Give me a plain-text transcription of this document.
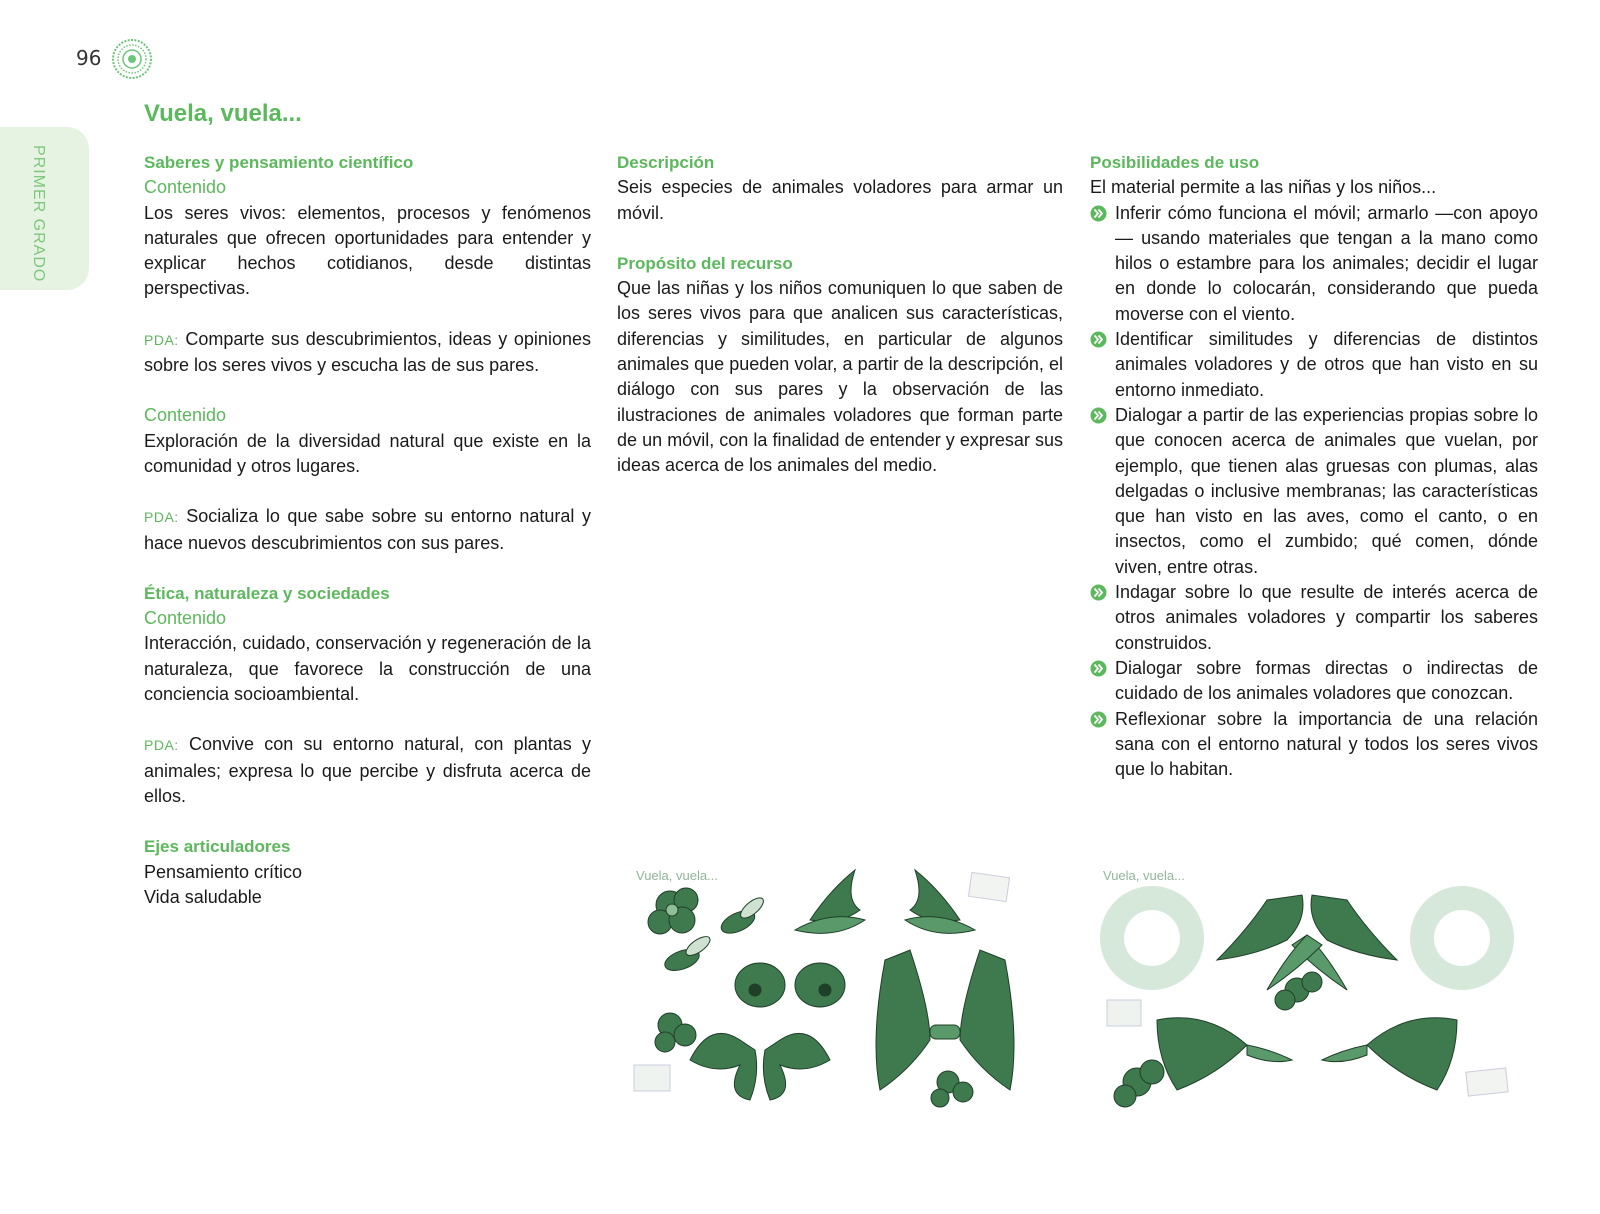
96
PRIMER GRADO
Vuela, vuela...

Saberes y pensamiento científico

Contenido

Los seres vivos: elementos, procesos y fenómenos naturales que ofrecen oportunidades para entender y explicar hechos cotidianos, desde distintas perspectivas.

PDA: Comparte sus descubrimientos, ideas y opiniones sobre los seres vivos y escucha las de sus pares.

Contenido

Exploración de la diversidad natural que existe en la comunidad y otros lugares.

PDA: Socializa lo que sabe sobre su entorno natural y hace nuevos descubrimientos con sus pares.

Ética, naturaleza y sociedades

Contenido

Interacción, cuidado, conservación y regeneración de la naturaleza, que favorece la construcción de una conciencia socioambiental.

PDA: Convive con su entorno natural, con plantas y animales; expresa lo que percibe y disfruta acerca de ellos.

Ejes articuladores

Pensamiento crítico

Vida saludable

Descripción

Seis especies de animales voladores para armar un móvil.

Propósito del recurso

Que las niñas y los niños comuniquen lo que saben de los seres vivos para que analicen sus características, diferencias y similitudes, en particular de algunos animales que pueden volar, a partir de la descripción, el diálogo con sus pares y la observación de las ilustraciones de animales voladores que forman parte de un móvil, con la finalidad de entender y expresar sus ideas acerca de los animales del medio.

Posibilidades de uso

El material permite a las niñas y los niños...

Inferir cómo funciona el móvil; armarlo —con apoyo— usando materiales que tengan a la mano como hilos o estambre para los animales; decidir el lugar en donde lo colocarán, considerando que pueda moverse con el viento.
Identificar similitudes y diferencias de distintos animales voladores y de otros que han visto en su entorno inmediato.
Dialogar a partir de las experiencias propias sobre lo que conocen acerca de animales que vuelan, por ejemplo, que tienen alas gruesas con plumas, alas delgadas o inclusive membranas; las características que han visto en las aves, como el canto, o en insectos, como el zumbido; qué comen, dónde viven, entre otras.
Indagar sobre lo que resulte de interés acerca de otros animales voladores y compartir los saberes construidos.
Dialogar sobre formas directas o indirectas de cuidado de los animales voladores que conozcan.
Reflexionar sobre la importancia de una relación sana con el entorno natural y todos los seres vivos que lo habitan.
Vuela, vuela...	Vuela, vuela...
